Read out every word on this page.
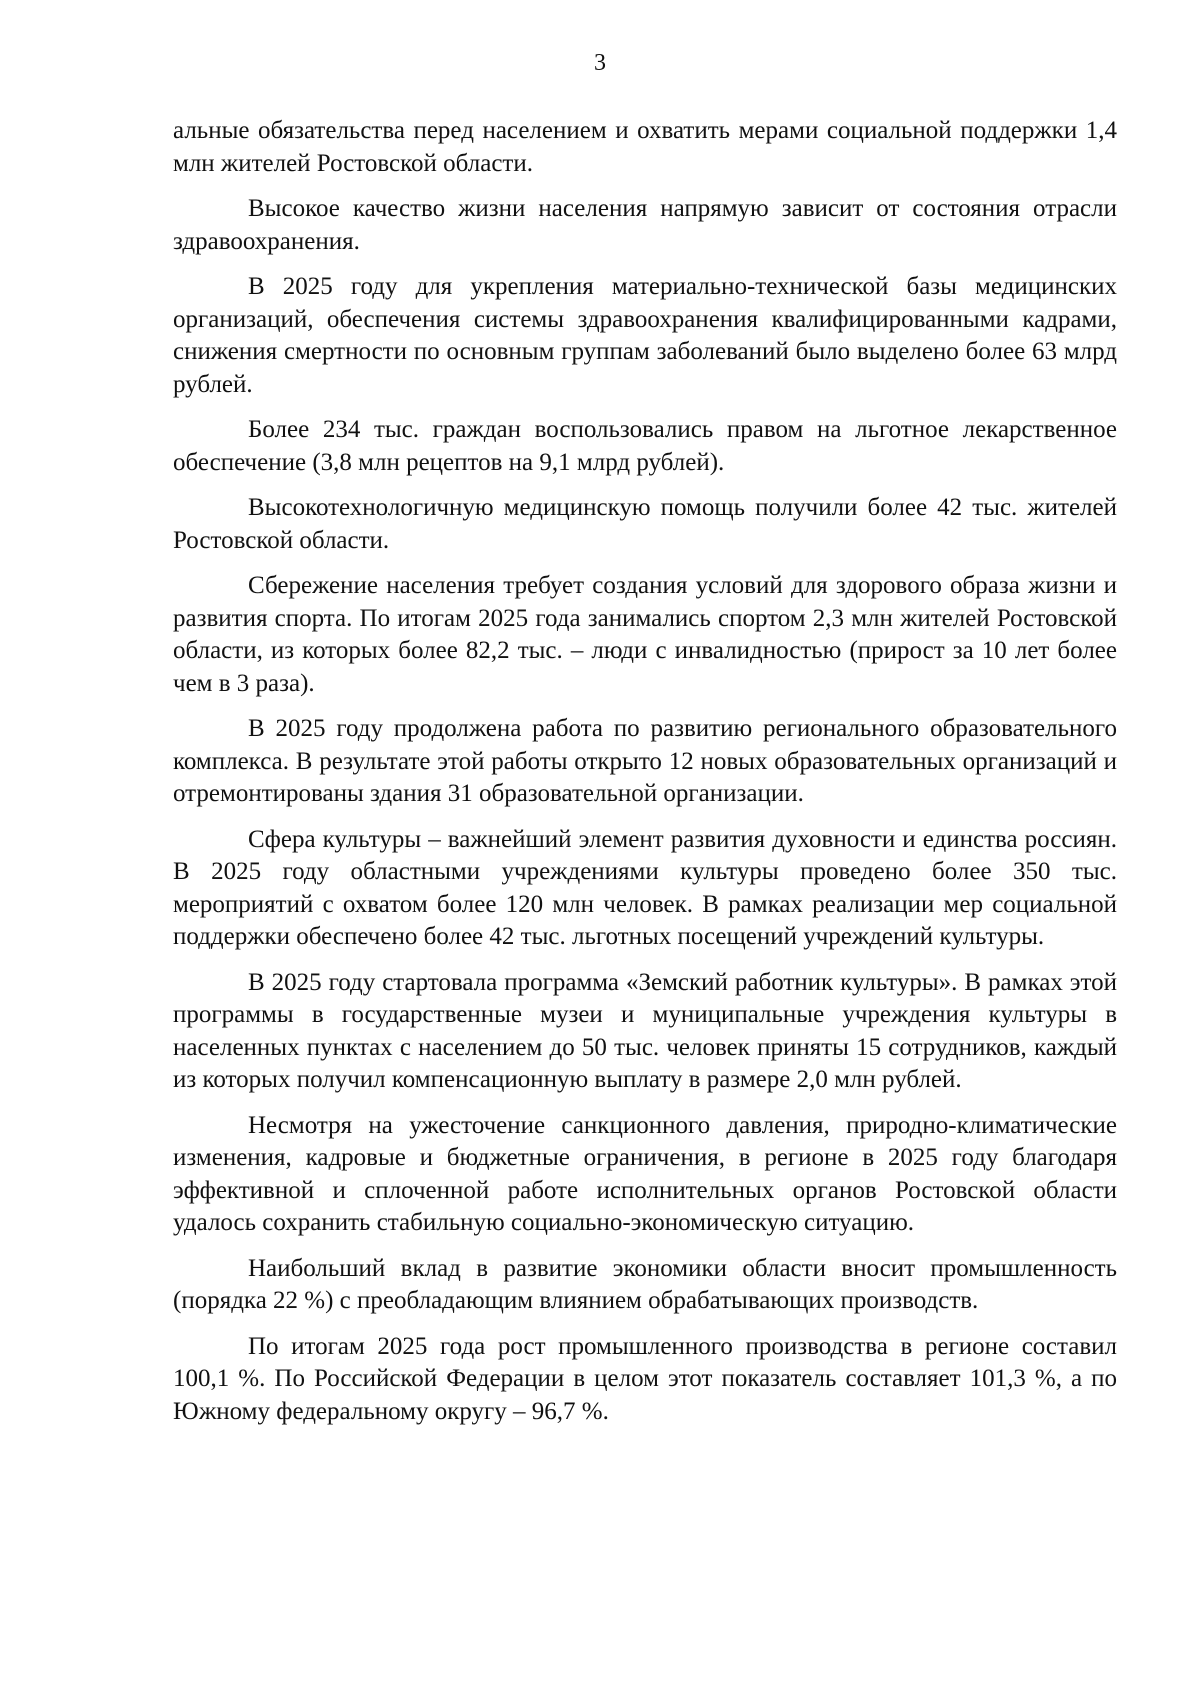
3

альные обязательства перед населением и охватить мерами социальной поддержки 1,4 млн жителей Ростовской области.

Высокое качество жизни населения напрямую зависит от состояния отрасли здравоохранения.

В 2025 году для укрепления материально-технической базы медицинских организаций, обеспечения системы здравоохранения квалифицированными кадрами, снижения смертности по основным группам заболеваний было выделено более 63 млрд рублей.

Более 234 тыс. граждан воспользовались правом на льготное лекарственное обеспечение (3,8 млн рецептов на 9,1 млрд рублей).

Высокотехнологичную медицинскую помощь получили более 42 тыс. жителей Ростовской области.

Сбережение населения требует создания условий для здорового образа жизни и развития спорта. По итогам 2025 года занимались спортом 2,3 млн жителей Ростовской области, из которых более 82,2 тыс. – люди с инвалидностью (прирост за 10 лет более чем в 3 раза).

В 2025 году продолжена работа по развитию регионального образовательного комплекса. В результате этой работы открыто 12 новых образовательных организаций и отремонтированы здания 31 образовательной организации.

Сфера культуры – важнейший элемент развития духовности и единства россиян. В 2025 году областными учреждениями культуры проведено более 350 тыс. мероприятий с охватом более 120 млн человек. В рамках реализации мер социальной поддержки обеспечено более 42 тыс. льготных посещений учреждений культуры.

В 2025 году стартовала программа «Земский работник культуры». В рамках этой программы в государственные музеи и муниципальные учреждения культуры в населенных пунктах с населением до 50 тыс. человек приняты 15 сотрудников, каждый из которых получил компенсационную выплату в размере 2,0 млн рублей.

Несмотря на ужесточение санкционного давления, природно-климатические изменения, кадровые и бюджетные ограничения, в регионе в 2025 году благодаря эффективной и сплоченной работе исполнительных органов Ростовской области удалось сохранить стабильную социально-экономическую ситуацию.

Наибольший вклад в развитие экономики области вносит промышленность (порядка 22 %) с преобладающим влиянием обрабатывающих производств.

По итогам 2025 года рост промышленного производства в регионе составил 100,1 %. По Российской Федерации в целом этот показатель составляет 101,3 %, а по Южному федеральному округу – 96,7 %.
